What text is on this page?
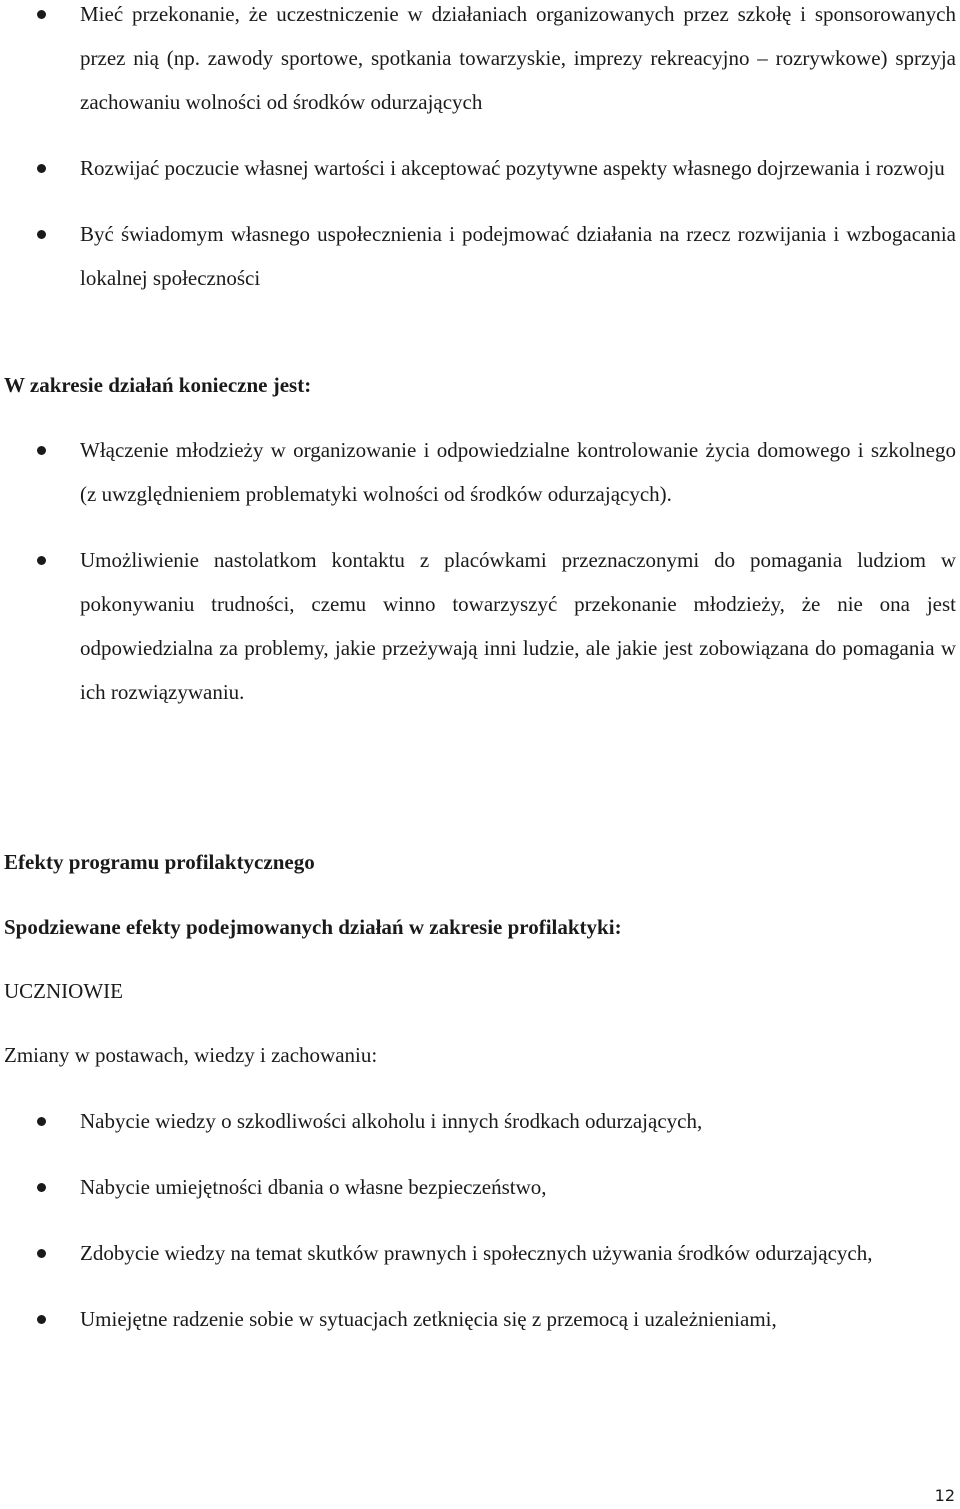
Mieć przekonanie, że uczestniczenie w działaniach organizowanych przez szkołę i sponsorowanych przez nią (np. zawody sportowe, spotkania towarzyskie, imprezy rekreacyjno – rozrywkowe) sprzyja zachowaniu wolności od środków odurzających
Rozwijać poczucie własnej wartości i akceptować pozytywne aspekty własnego dojrzewania i rozwoju
Być świadomym własnego uspołecznienia i podejmować działania na rzecz rozwijania i wzbogacania lokalnej społeczności

W zakresie działań konieczne jest:

Włączenie młodzieży w organizowanie i odpowiedzialne kontrolowanie życia domowego i szkolnego (z uwzględnieniem problematyki wolności od środków odurzających).
Umożliwienie nastolatkom kontaktu z placówkami przeznaczonymi do pomagania ludziom w pokonywaniu trudności, czemu winno towarzyszyć przekonanie młodzieży, że nie ona jest odpowiedzialna za problemy, jakie przeżywają inni ludzie, ale jakie jest zobowiązana do pomagania w ich rozwiązywaniu.

Efekty programu profilaktycznego

Spodziewane efekty podejmowanych działań w zakresie profilaktyki:

UCZNIOWIE

Zmiany w postawach, wiedzy i zachowaniu:

Nabycie wiedzy o szkodliwości alkoholu i innych środkach odurzających,
Nabycie umiejętności dbania o własne bezpieczeństwo,
Zdobycie wiedzy na temat skutków prawnych i społecznych używania środków odurzających,
Umiejętne radzenie sobie w sytuacjach zetknięcia się z przemocą i uzależnieniami,
12
